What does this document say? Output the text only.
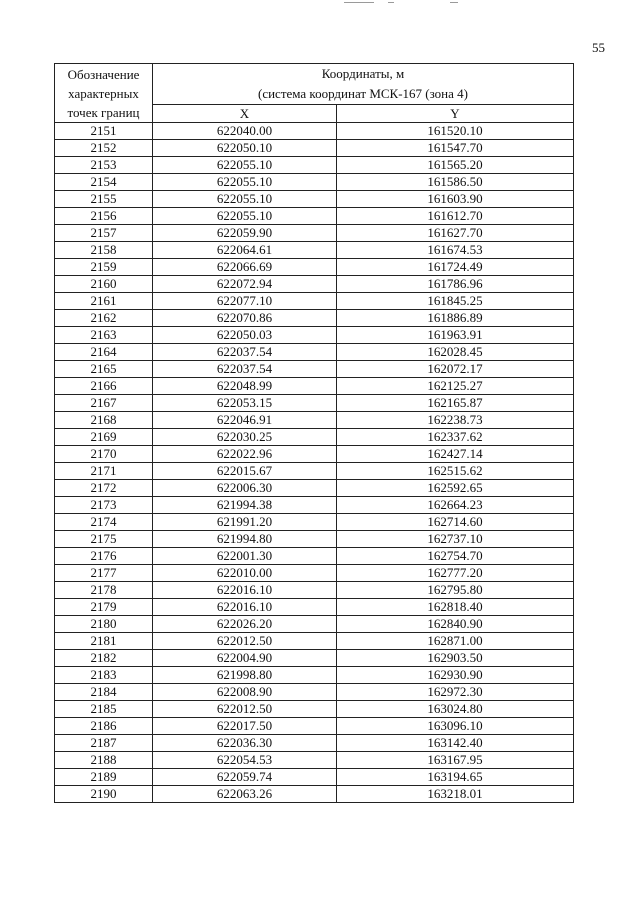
55
Обозначение
характерных
точек границ	Координаты, м
(система координат МСК-167 (зона 4)	

	X	Y
2151	622040.00	161520.10
2152	622050.10	161547.70
2153	622055.10	161565.20
2154	622055.10	161586.50
2155	622055.10	161603.90
2156	622055.10	161612.70
2157	622059.90	161627.70
2158	622064.61	161674.53
2159	622066.69	161724.49
2160	622072.94	161786.96
2161	622077.10	161845.25
2162	622070.86	161886.89
2163	622050.03	161963.91
2164	622037.54	162028.45
2165	622037.54	162072.17
2166	622048.99	162125.27
2167	622053.15	162165.87
2168	622046.91	162238.73
2169	622030.25	162337.62
2170	622022.96	162427.14
2171	622015.67	162515.62
2172	622006.30	162592.65
2173	621994.38	162664.23
2174	621991.20	162714.60
2175	621994.80	162737.10
2176	622001.30	162754.70
2177	622010.00	162777.20
2178	622016.10	162795.80
2179	622016.10	162818.40
2180	622026.20	162840.90
2181	622012.50	162871.00
2182	622004.90	162903.50
2183	621998.80	162930.90
2184	622008.90	162972.30
2185	622012.50	163024.80
2186	622017.50	163096.10
2187	622036.30	163142.40
2188	622054.53	163167.95
2189	622059.74	163194.65
2190	622063.26	163218.01
